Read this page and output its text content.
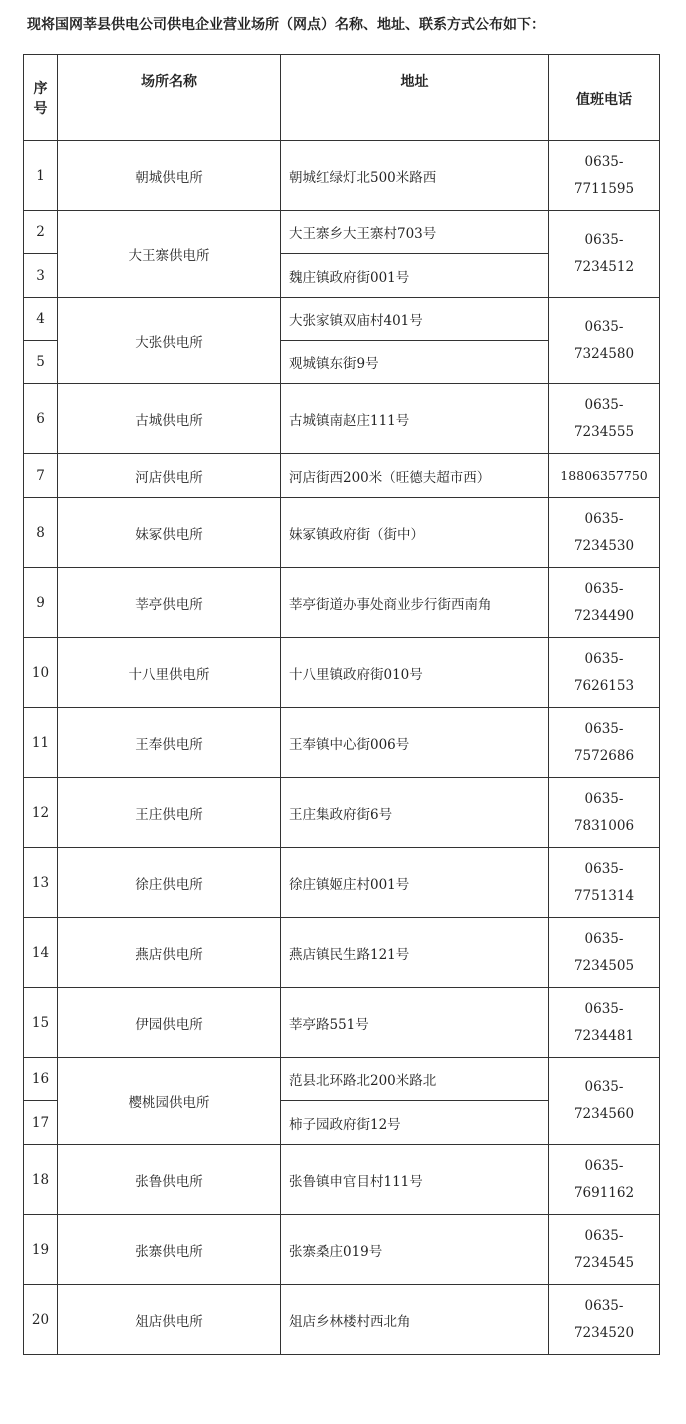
现将国网莘县供电公司供电企业营业场所（网点）名称、地址、联系方式公布如下：
序号	场所名称	地址	值班电话
1	朝城供电所	朝城红绿灯北500米路西	0635-
7711595

2	大王寨供电所	大王寨乡大王寨村703号	0635-
7234512

3		魏庄镇政府街001号	
4	大张供电所	大张家镇双庙村401号	0635-
7324580

5		观城镇东街9号	
6	古城供电所	古城镇南赵庄111号	0635-
7234555

7	河店供电所	河店街西200米（旺德夫超市西）	18806357750

8	妹冢供电所	妹冢镇政府街（街中）	0635-
7234530

9	莘亭供电所	莘亭街道办事处商业步行街西南角	0635-
7234490

10	十八里供电所	十八里镇政府街010号	0635-
7626153

11	王奉供电所	王奉镇中心街006号	0635-
7572686

12	王庄供电所	王庄集政府街6号	0635-
7831006

13	徐庄供电所	徐庄镇姬庄村001号	0635-
7751314

14	燕店供电所	燕店镇民生路121号	0635-
7234505

15	伊园供电所	莘亭路551号	0635-
7234481

16	樱桃园供电所	范县北环路北200米路北	0635-
7234560

17		柿子园政府街12号	
18	张鲁供电所	张鲁镇申官目村111号	0635-
7691162

19	张寨供电所	张寨桑庄019号	0635-
7234545

20	俎店供电所	俎店乡林楼村西北角	0635-
7234520
